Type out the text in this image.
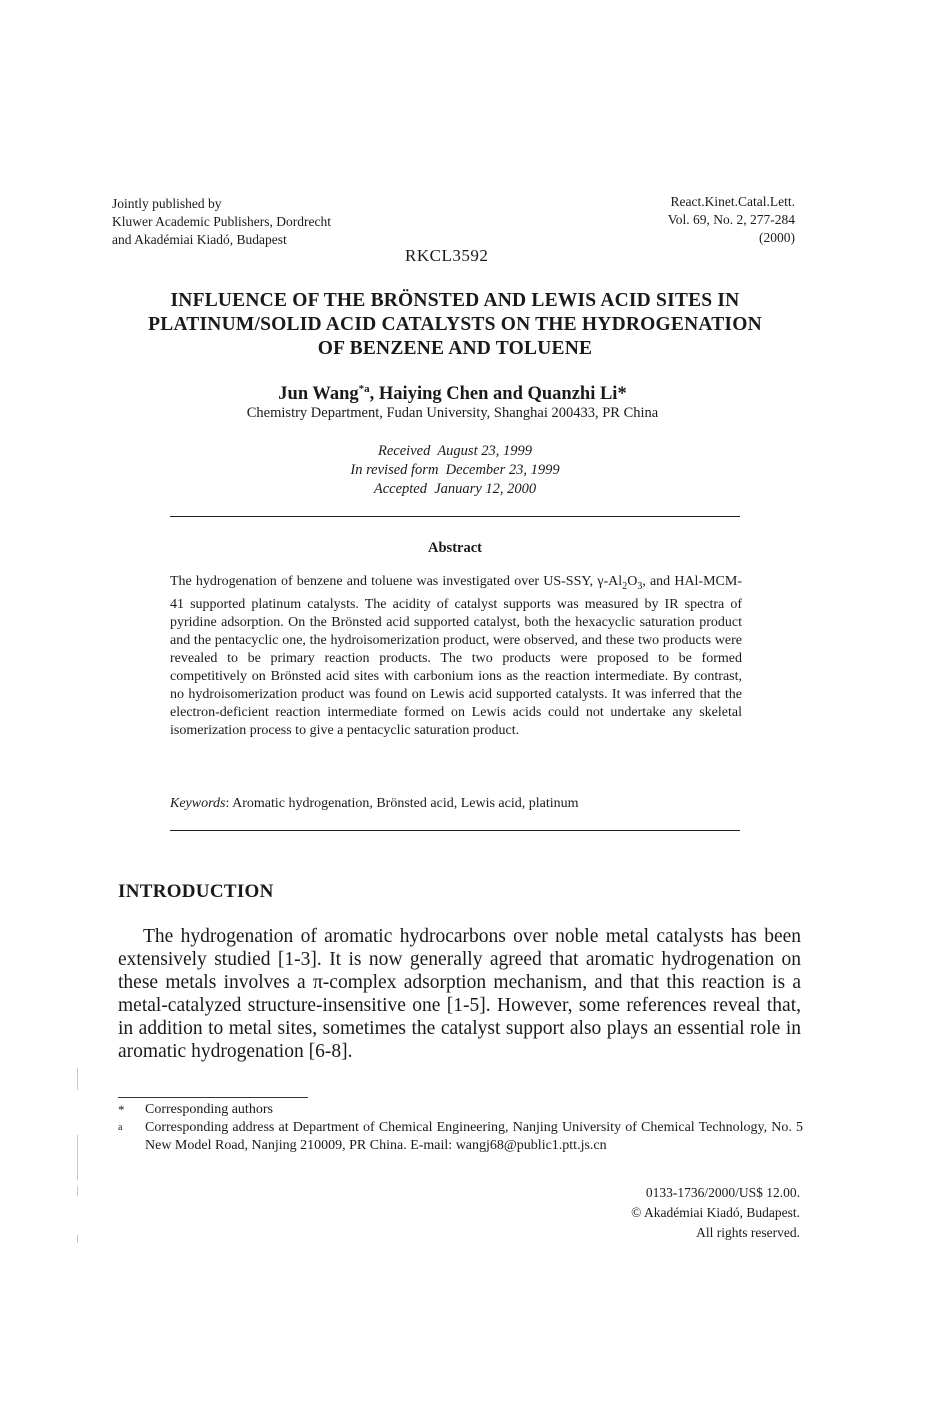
Jointly published by
Kluwer Academic Publishers, Dordrecht
and Akadémiai Kiadó, Budapest
React.Kinet.Catal.Lett.
Vol. 69, No. 2, 277-284
(2000)
RKCL3592
INFLUENCE OF THE BRÖNSTED AND LEWIS ACID SITES IN
PLATINUM/SOLID ACID CATALYSTS ON THE HYDROGENATION
OF BENZENE AND TOLUENE
Jun Wang$^{*a}$, Haiying Chen and Quanzhi Li*
Chemistry Department, Fudan University, Shanghai 200433, PR China
Received  August 23, 1999
In revised form  December 23, 1999
Accepted  January 12, 2000
Abstract
The hydrogenation of benzene and toluene was investigated over US-SSY, $\gamma-Al_2O_3$, and HAl-MCM-41 supported platinum catalysts. The acidity of catalyst supports was measured by IR spectra of pyridine adsorption. On the Brönsted acid supported catalyst, both the hexacyclic saturation product and the pentacyclic one, the hydroisomerization product, were observed, and these two products were revealed to be primary reaction products. The two products were proposed to be formed competitively on Brönsted acid sites with carbonium ions as the reaction intermediate. By contrast, no hydroisomerization product was found on Lewis acid supported catalysts. It was inferred that the electron-deficient reaction intermediate formed on Lewis acids could not undertake any skeletal isomerization process to give a pentacyclic saturation product.
Keywords: Aromatic hydrogenation, Brönsted acid, Lewis acid, platinum
INTRODUCTION
The hydrogenation of aromatic hydrocarbons over noble metal catalysts has been extensively studied [1-3]. It is now generally agreed that aromatic hydrogenation on these metals involves a π-complex adsorption mechanism, and that this reaction is a metal-catalyzed structure-insensitive one [1-5]. However, some references reveal that, in addition to metal sites, sometimes the catalyst support also plays an essential role in aromatic hydrogenation [6-8].
*	Corresponding authors
a	Corresponding address at Department of Chemical Engineering, Nanjing University of Chemical Technology, No. 5 New Model Road, Nanjing 210009, PR China. E-mail: wangj68@public1.ptt.js.cn
0133-1736/2000/US$ 12.00.
© Akadémiai Kiadó, Budapest.
All rights reserved.
